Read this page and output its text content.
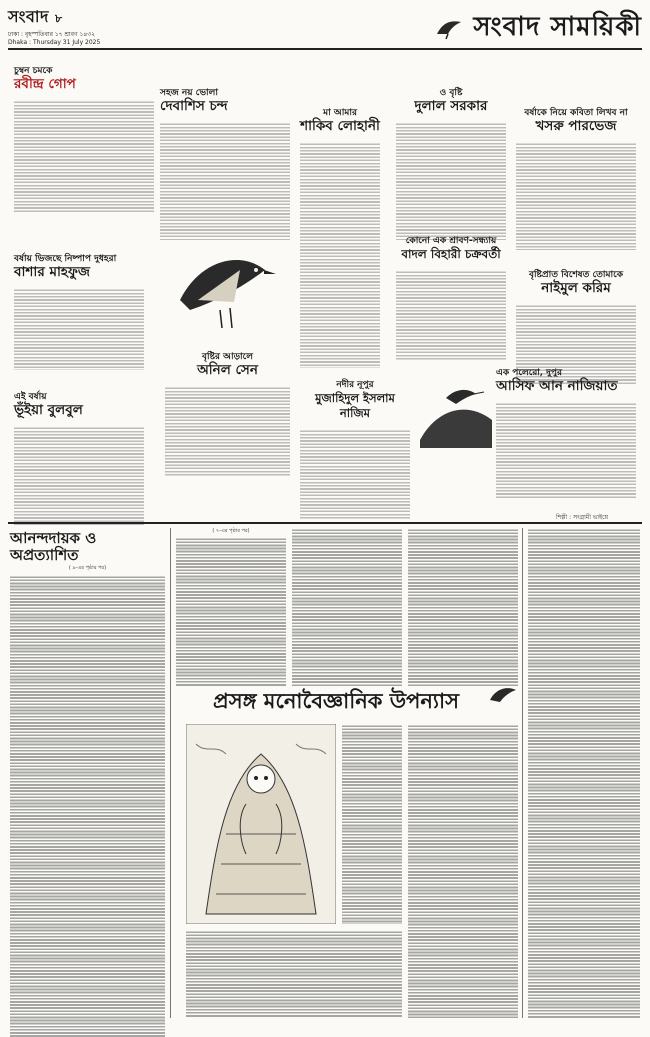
সংবাদ ৮
ঢাকা : বৃহস্পতিবার ১৭ শ্রাবণ ১৪৩২
Dhaka : Thursday 31 July 2025	সংবাদ সাময়িকী
চুম্বন চমকে
রবীন্দ্র গোপ
বর্ষায় ভিজছে নিষ্পাপ দুধহরা
বাশার মাহফুজ
এই বর্ষায়
ভূঁইয়া বুলবুল
সহজ নয় ভোলা
দেবাশিস চন্দ
বৃষ্টির আড়ালে
অনিল সেন
মা আমার
শাকিব লোহানী
নদীর নূপুর
মুজাহিদুল ইসলাম নাজিম
ও বৃষ্টি
দুলাল সরকার
কোনো এক শ্রাবণ-সন্ধ্যায়
বাদল বিহারী চক্রবর্তী
বর্ষাকে নিয়ে কবিতা লিখব না
খসরু পারভেজ
বৃষ্টিপ্রাত বিশেষত তোমাকে
নাইমুল করিম
এক পলেরো, দুপুর
আসিফ আন নাজিয়াত
শিল্পী : সংগ্রামী ভাইয়ে
আনন্দদায়ক ও অপ্রত্যাশিত
( ৯-এর পৃষ্ঠার পর)
( ৭-এর পৃষ্ঠার পর)
প্রসঙ্গ মনোবৈজ্ঞানিক উপন্যাস
